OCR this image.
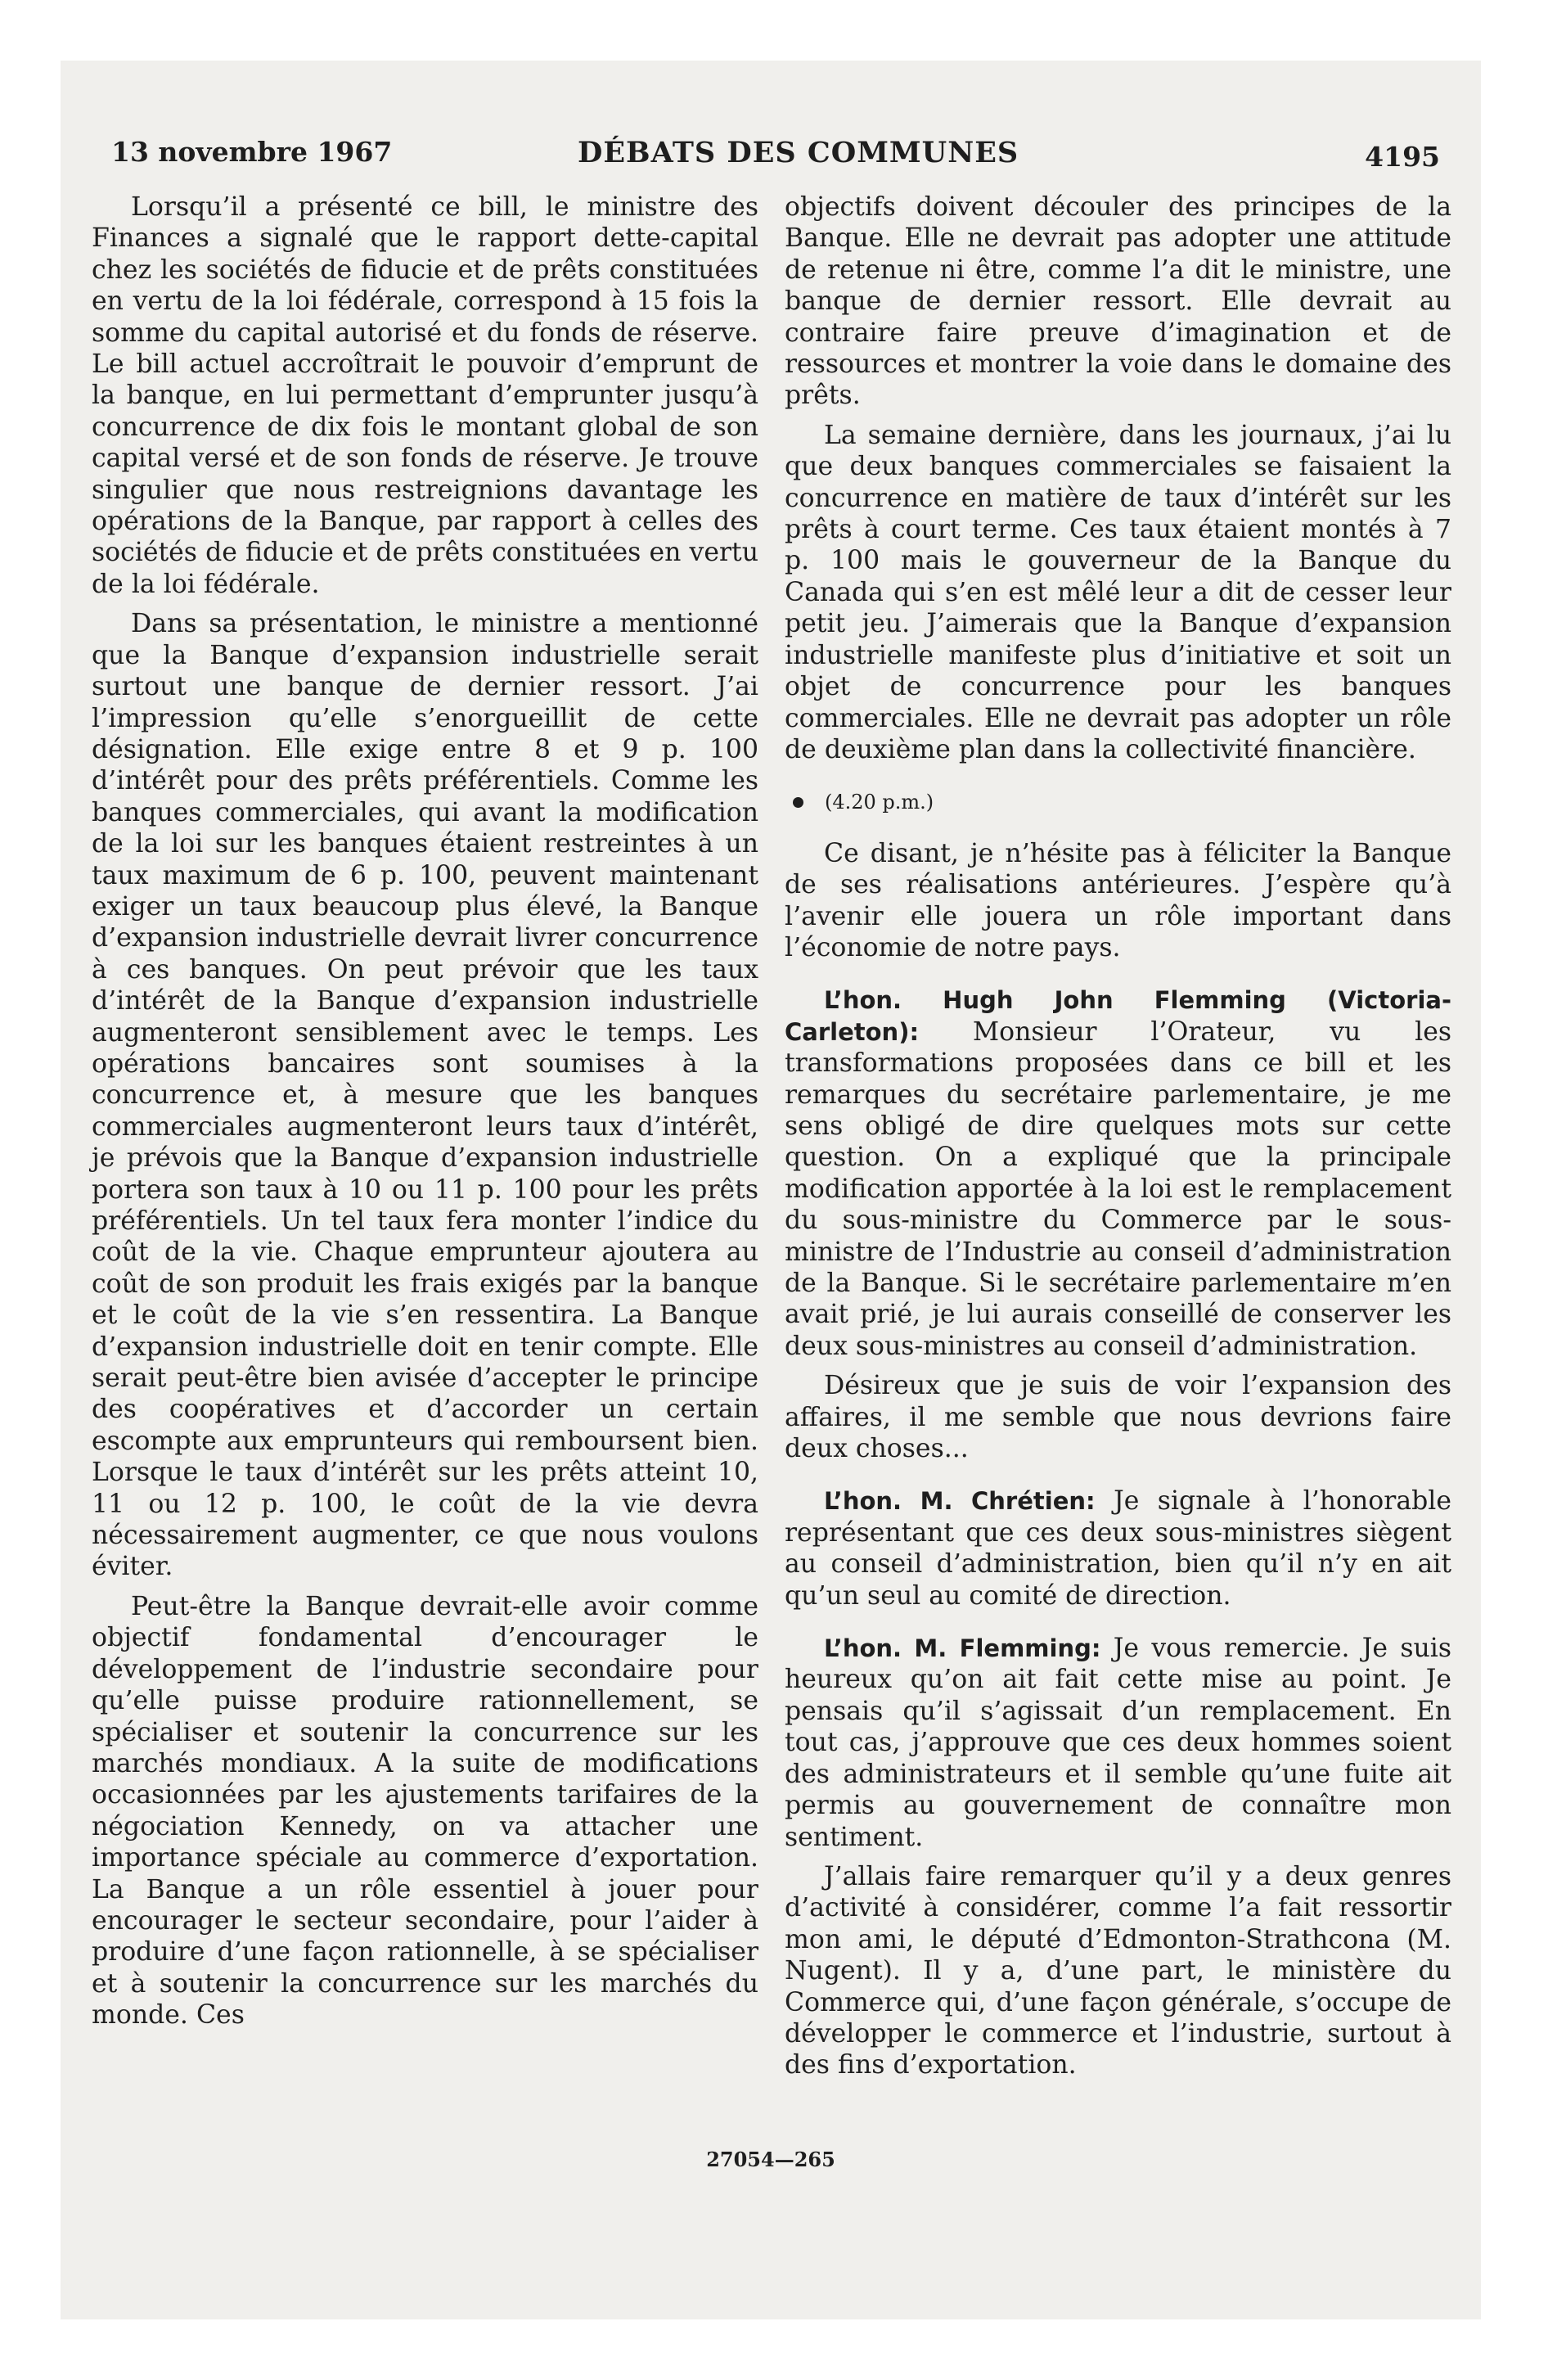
13 novembre 1967	DÉBATS DES COMMUNES	4195

Lorsqu’il a présenté ce bill, le ministre des Finances a signalé que le rapport dette-capital chez les sociétés de fiducie et de prêts constituées en vertu de la loi fédérale, correspond à 15 fois la somme du capital autorisé et du fonds de réserve. Le bill actuel accroîtrait le pouvoir d’emprunt de la banque, en lui permettant d’emprunter jusqu’à concurrence de dix fois le montant global de son capital versé et de son fonds de réserve. Je trouve singulier que nous restreignions davantage les opérations de la Banque, par rapport à celles des sociétés de fiducie et de prêts constituées en vertu de la loi fédérale.

Dans sa présentation, le ministre a mentionné que la Banque d’expansion industrielle serait surtout une banque de dernier ressort. J’ai l’impression qu’elle s’enorgueillit de cette désignation. Elle exige entre 8 et 9 p. 100 d’intérêt pour des prêts préférentiels. Comme les banques commerciales, qui avant la modification de la loi sur les banques étaient restreintes à un taux maximum de 6 p. 100, peuvent maintenant exiger un taux beaucoup plus élevé, la Banque d’expansion industrielle devrait livrer concurrence à ces banques. On peut prévoir que les taux d’intérêt de la Banque d’expansion industrielle augmenteront sensiblement avec le temps. Les opérations bancaires sont soumises à la concurrence et, à mesure que les banques commerciales augmenteront leurs taux d’intérêt, je prévois que la Banque d’expansion industrielle portera son taux à 10 ou 11 p. 100 pour les prêts préférentiels. Un tel taux fera monter l’indice du coût de la vie. Chaque emprunteur ajoutera au coût de son produit les frais exigés par la banque et le coût de la vie s’en ressentira. La Banque d’expansion industrielle doit en tenir compte. Elle serait peut-être bien avisée d’accepter le principe des coopératives et d’accorder un certain escompte aux emprunteurs qui remboursent bien. Lorsque le taux d’intérêt sur les prêts atteint 10, 11 ou 12 p. 100, le coût de la vie devra nécessairement augmenter, ce que nous voulons éviter.

Peut-être la Banque devrait-elle avoir comme objectif fondamental d’encourager le développement de l’industrie secondaire pour qu’elle puisse produire rationnellement, se spécialiser et soutenir la concurrence sur les marchés mondiaux. A la suite de modifications occasionnées par les ajustements tarifaires de la négociation Kennedy, on va attacher une importance spéciale au commerce d’exportation. La Banque a un rôle essentiel à jouer pour encourager le secteur secondaire, pour l’aider à produire d’une façon rationnelle, à se spécialiser et à soutenir la concurrence sur les marchés du monde. Ces

objectifs doivent découler des principes de la Banque. Elle ne devrait pas adopter une attitude de retenue ni être, comme l’a dit le ministre, une banque de dernier ressort. Elle devrait au contraire faire preuve d’imagination et de ressources et montrer la voie dans le domaine des prêts.

La semaine dernière, dans les journaux, j’ai lu que deux banques commerciales se faisaient la concurrence en matière de taux d’intérêt sur les prêts à court terme. Ces taux étaient montés à 7 p. 100 mais le gouverneur de la Banque du Canada qui s’en est mêlé leur a dit de cesser leur petit jeu. J’aimerais que la Banque d’expansion industrielle manifeste plus d’initiative et soit un objet de concurrence pour les banques commerciales. Elle ne devrait pas adopter un rôle de deuxième plan dans la collectivité financière.

(4.20 p.m.)

Ce disant, je n’hésite pas à féliciter la Banque de ses réalisations antérieures. J’espère qu’à l’avenir elle jouera un rôle important dans l’économie de notre pays.

L’hon. Hugh John Flemming (Victoria-Carleton): Monsieur l’Orateur, vu les transformations proposées dans ce bill et les remarques du secrétaire parlementaire, je me sens obligé de dire quelques mots sur cette question. On a expliqué que la principale modification apportée à la loi est le remplacement du sous-ministre du Commerce par le sous-ministre de l’Industrie au conseil d’administration de la Banque. Si le secrétaire parlementaire m’en avait prié, je lui aurais conseillé de conserver les deux sous-ministres au conseil d’administration.

Désireux que je suis de voir l’expansion des affaires, il me semble que nous devrions faire deux choses...

L’hon. M. Chrétien: Je signale à l’honorable représentant que ces deux sous-ministres siègent au conseil d’administration, bien qu’il n’y en ait qu’un seul au comité de direction.

L’hon. M. Flemming: Je vous remercie. Je suis heureux qu’on ait fait cette mise au point. Je pensais qu’il s’agissait d’un remplacement. En tout cas, j’approuve que ces deux hommes soient des administrateurs et il semble qu’une fuite ait permis au gouvernement de connaître mon sentiment.

J’allais faire remarquer qu’il y a deux genres d’activité à considérer, comme l’a fait ressortir mon ami, le député d’Edmonton-Strathcona (M. Nugent). Il y a, d’une part, le ministère du Commerce qui, d’une façon générale, s’occupe de développer le commerce et l’industrie, surtout à des fins d’exportation.

27054—265
